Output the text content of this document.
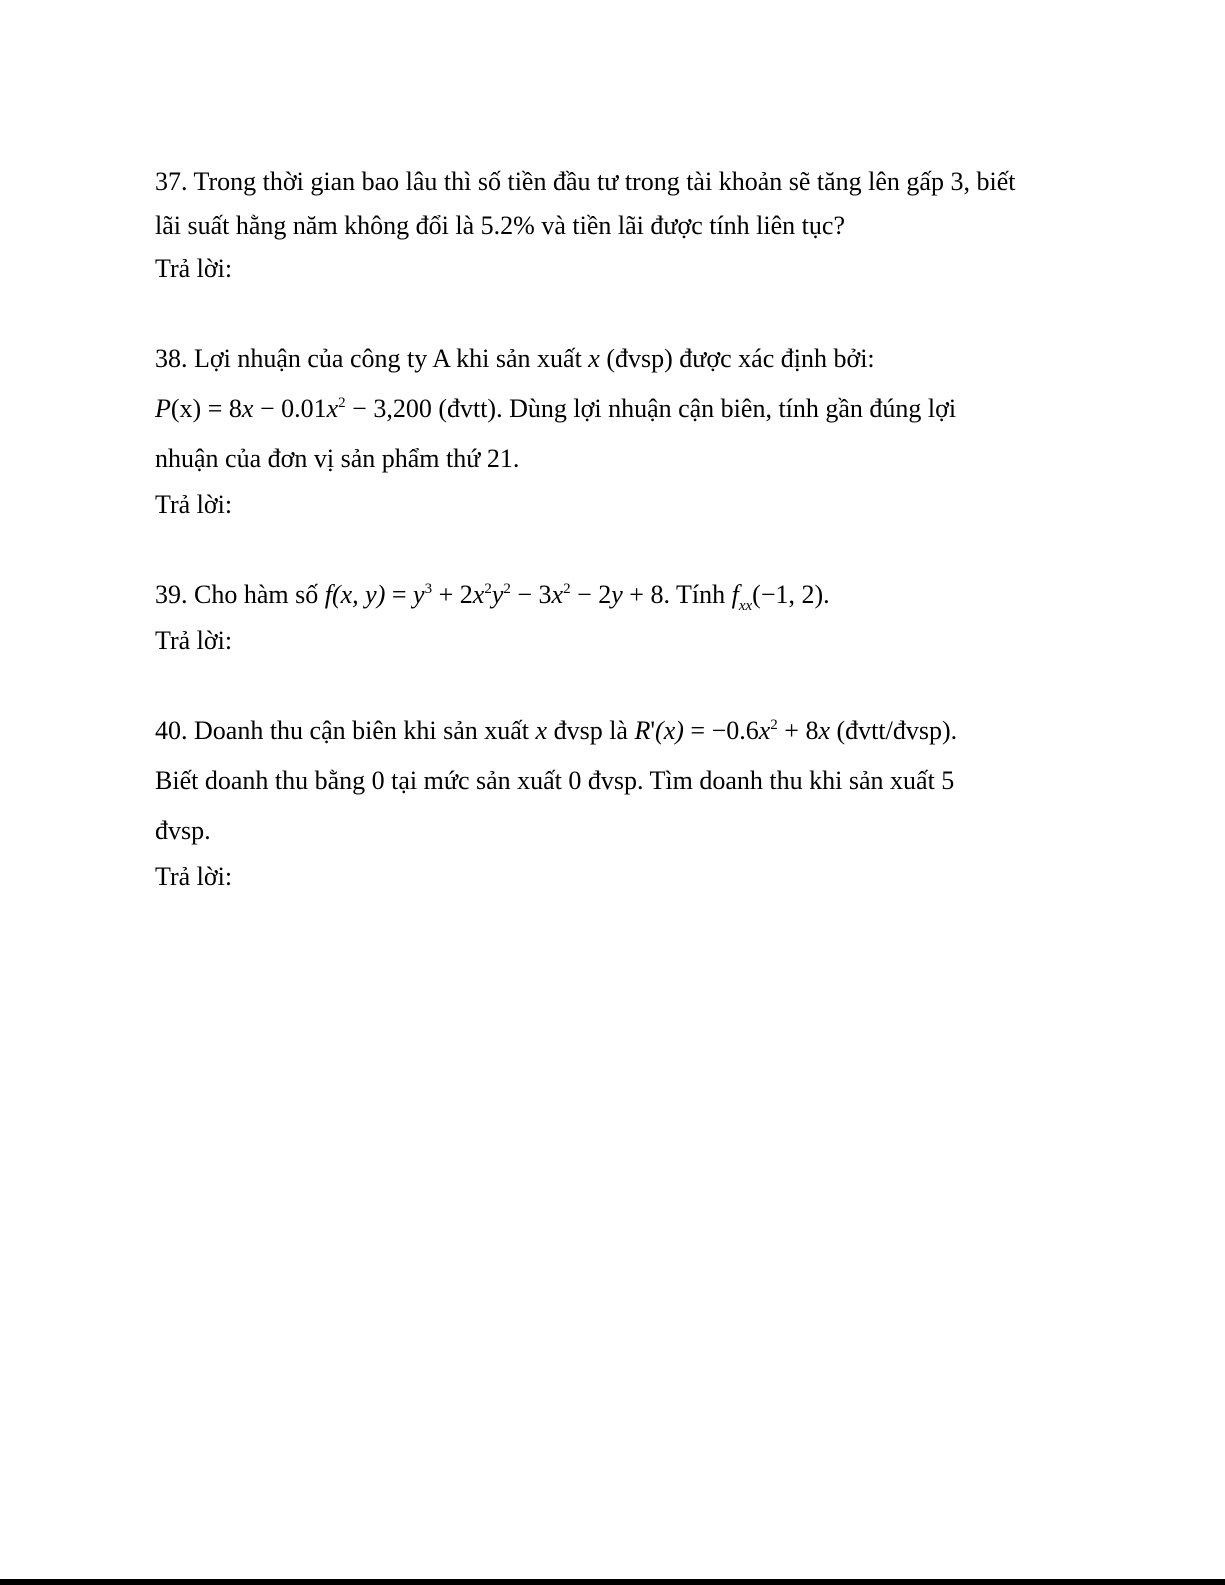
37. Trong thời gian bao lâu thì số tiền đầu tư trong tài khoản sẽ tăng lên gấp 3, biết
lãi suất hằng năm không đổi là 5.2% và tiền lãi được tính liên tục?
Trả lời:
38. Lợi nhuận của công ty A khi sản xuất x (đvsp) được xác định bởi:
$P(x) = 8x - 0.01x^2 - 3,200$ (đvtt). Dùng lợi nhuận cận biên, tính gần đúng lợi
nhuận của đơn vị sản phẩm thứ 21.
Trả lời:
39. Cho hàm số f(x, $y) = y^3 + 2x^2y^2 - 3x^2 - 2y + 8$. Tính $f_{xx}(-1$, 2).
Trả lời:
40. Doanh thu cận biên khi sản xuất x đvsp là $R'(x) = -0.6x^2 + 8x$ (đvtt/đvsp).
Biết doanh thu bằng 0 tại mức sản xuất 0 đvsp. Tìm doanh thu khi sản xuất 5
đvsp.
Trả lời:
